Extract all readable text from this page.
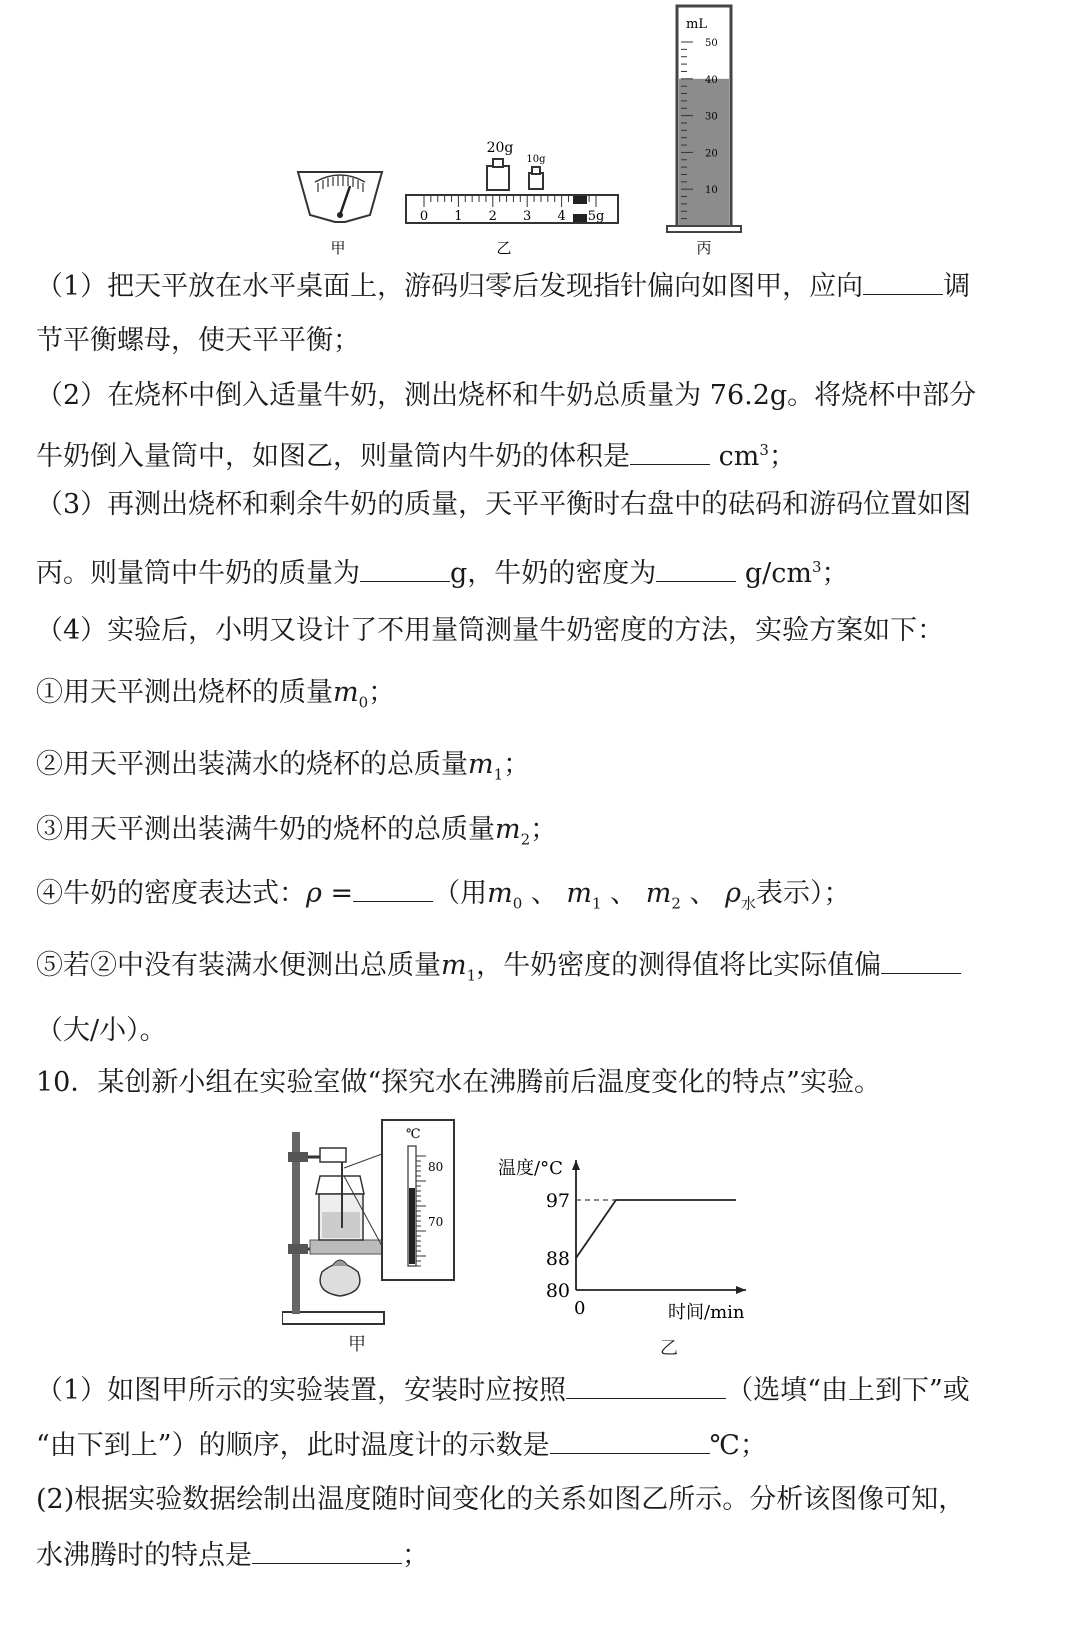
甲
20g
10g
0 1 2 3 4 5g
乙
50
40
30
20
10
mL
丙
（1）把天平放在水平桌面上，游码归零后发现指针偏向如图甲，应向	调
节平衡螺母，使天平平衡；
（2）在烧杯中倒入适量牛奶，测出烧杯和牛奶总质量为 76.2g。将烧杯中部分
牛奶倒入量筒中，如图乙，则量筒内牛奶的体积是	$cm^3$；
（3）再测出烧杯和剩余牛奶的质量，天平平衡时右盘中的砝码和游码位置如图
丙。则量筒中牛奶的质量为	g，牛奶的密度为	$g/cm^3$；
（4）实验后，小明又设计了不用量筒测量牛奶密度的方法，实验方案如下：
①用天平测出烧杯的质量$m_0$；
②用天平测出装满水的烧杯的总质量$m_1$；
③用天平测出装满牛奶的烧杯的总质量$m_2$；
④牛奶的密度表达式：ρ =	（用$m_0$ 、 $m_1$ 、 $m_2$ 、 $\rho_水$表示）；
⑤若②中没有装满水便测出总质量$m_1$，牛奶密度的测得值将比实际值偏
（大/小）。
10．某创新小组在实验室做“探究水在沸腾前后温度变化的特点”实验。
℃
80
70
甲
温度/°C
时间/min
0
97
88
80
乙
（1）如图甲所示的实验装置，安装时应按照	（选填“由上到下”或
“由下到上”）的顺序，此时温度计的示数是	℃；
(2)根据实验数据绘制出温度随时间变化的关系如图乙所示。分析该图像可知，
水沸腾时的特点是	；
